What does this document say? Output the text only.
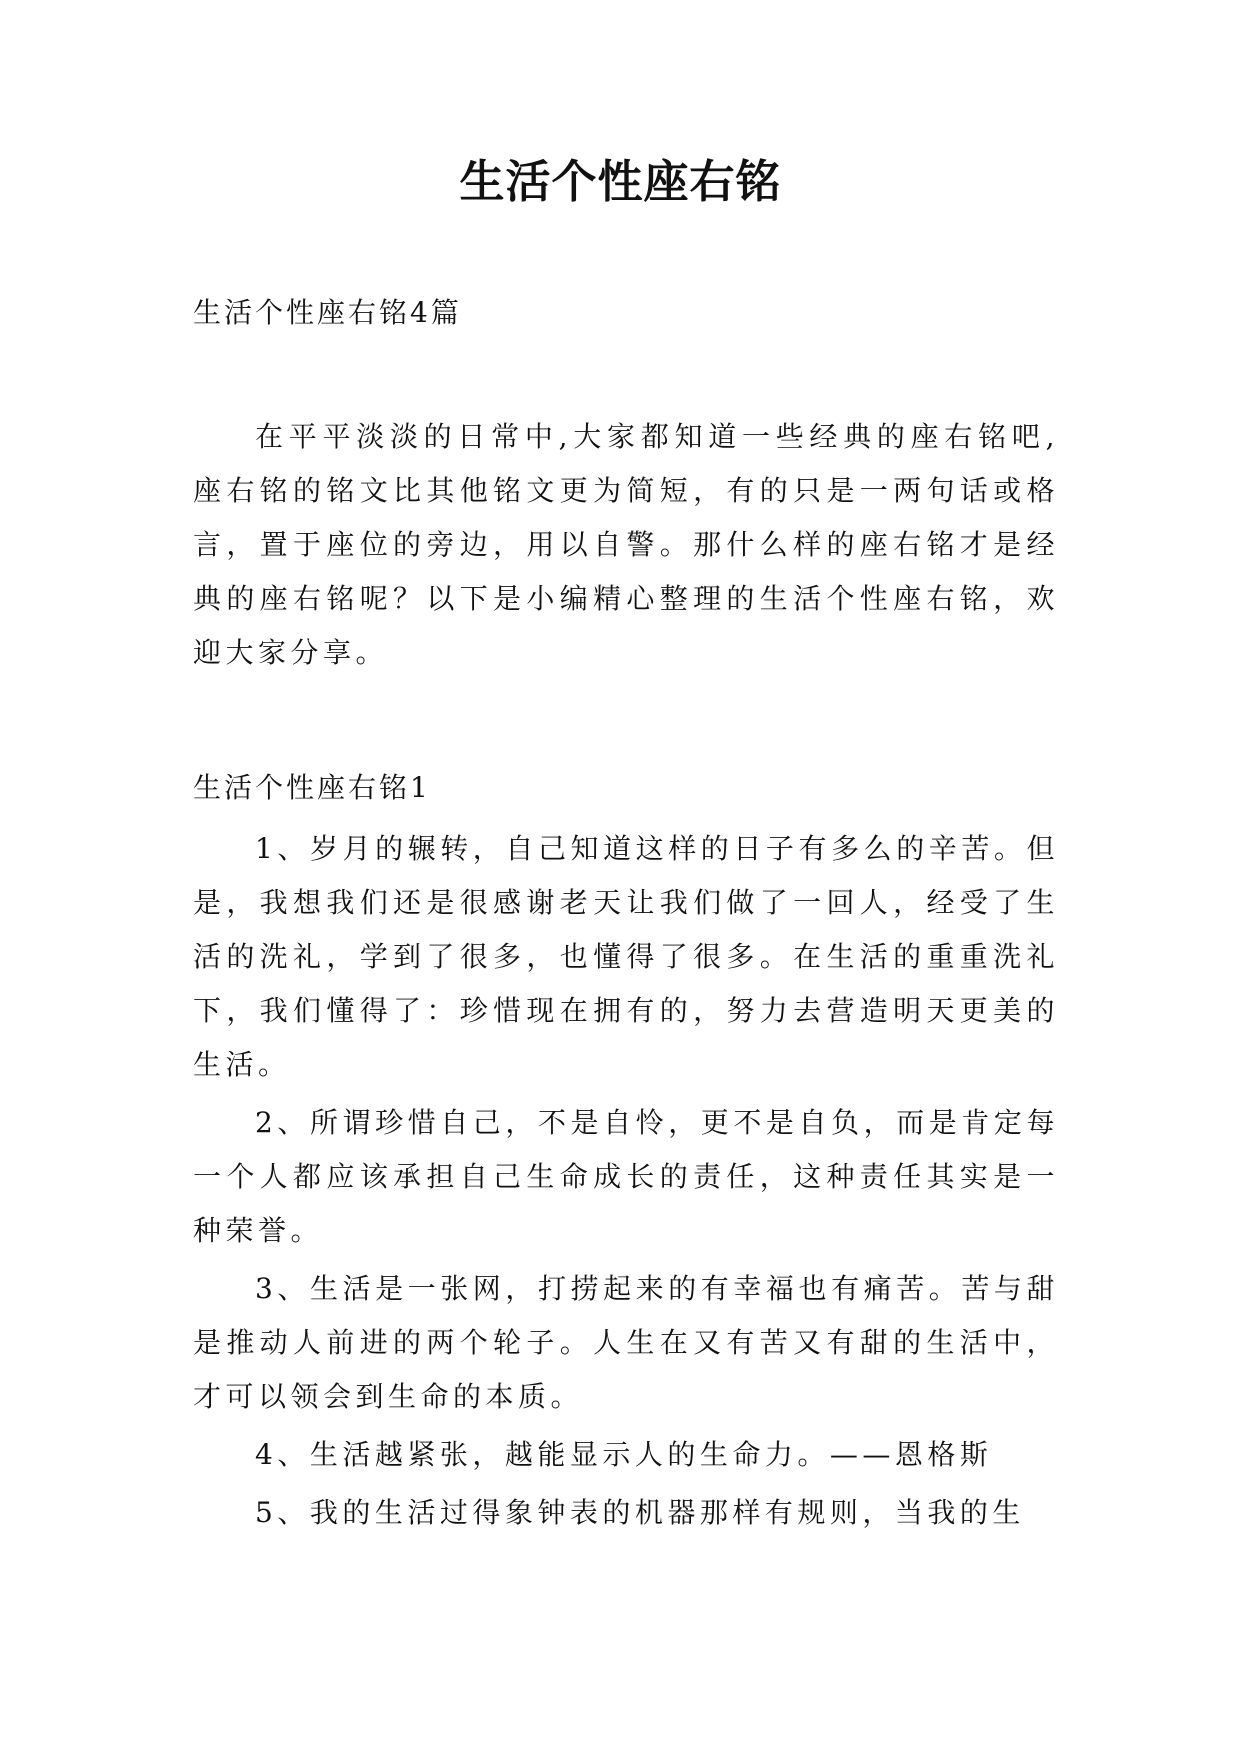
生活个性座右铭
生活个性座右铭4篇

在平平淡淡的日常中,大家都知道一些经典的座右铭吧,座右铭的铭文比其他铭文更为简短，有的只是一两句话或格言，置于座位的旁边，用以自警。那什么样的座右铭才是经典的座右铭呢？以下是小编精心整理的生活个性座右铭，欢迎大家分享。

生活个性座右铭1

1、岁月的辗转，自己知道这样的日子有多么的辛苦。但是，我想我们还是很感谢老天让我们做了一回人，经受了生活的洗礼，学到了很多，也懂得了很多。在生活的重重洗礼下，我们懂得了：珍惜现在拥有的，努力去营造明天更美的生活。

2、所谓珍惜自己，不是自怜，更不是自负，而是肯定每一个人都应该承担自己生命成长的责任，这种责任其实是一种荣誉。

3、生活是一张网，打捞起来的有幸福也有痛苦。苦与甜是推动人前进的两个轮子。人生在又有苦又有甜的生活中，才可以领会到生命的本质。

4、生活越紧张，越能显示人的生命力。——恩格斯

5、我的生活过得象钟表的机器那样有规则，当我的生
